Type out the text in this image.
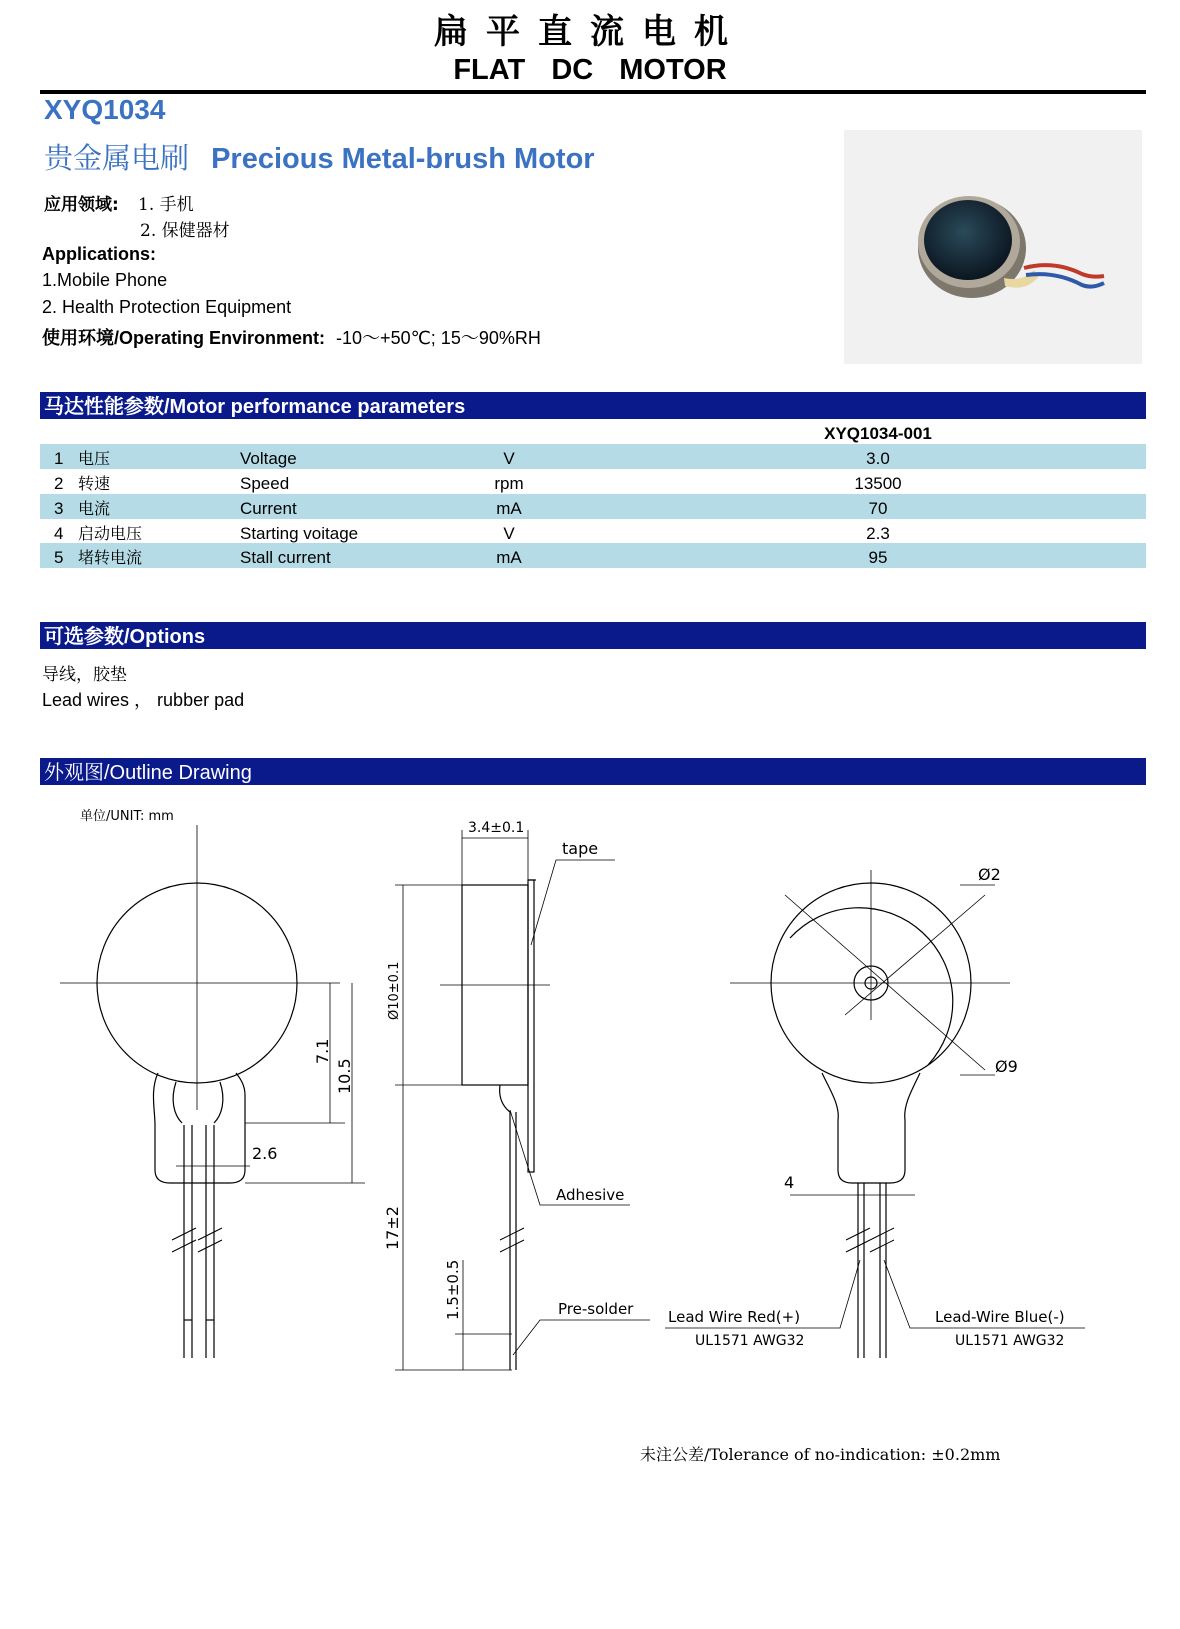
扁平直流电机
FLAT DC MOTOR
XYQ1034
贵金属电刷 Precious Metal-brush Motor
应用领域: 1. 手机
2. 保健器材
Applications:
1.Mobile Phone
2. Health Protection Equipment
使用环境/Operating Environment: -10～+50℃; 15～90%RH
马达性能参数/Motor performance parameters
XYQ1034-001
1 电压	Voltage	V	3.0
2 转速	Speed	rpm	13500
3 电流	Current	mA	70
4 启动电压	Starting voitage	V	2.3
5 堵转电流	Stall current	mA	95
可选参数/Options
导线，胶垫
Lead wires ， rubber pad
外观图/Outline Drawing
单位/UNIT: mm
7.1
10.5
2.6
Ø10±0.1
3.4±0.1
tape
Adhesive
17±2
1.5±0.5	Pre-solder
Ø2
Ø9
4
Lead Wire Red(+)
UL1571 AWG32
Lead-Wire Blue(-)
UL1571 AWG32
未注公差/Tolerance of no-indication: ±0.2mm
